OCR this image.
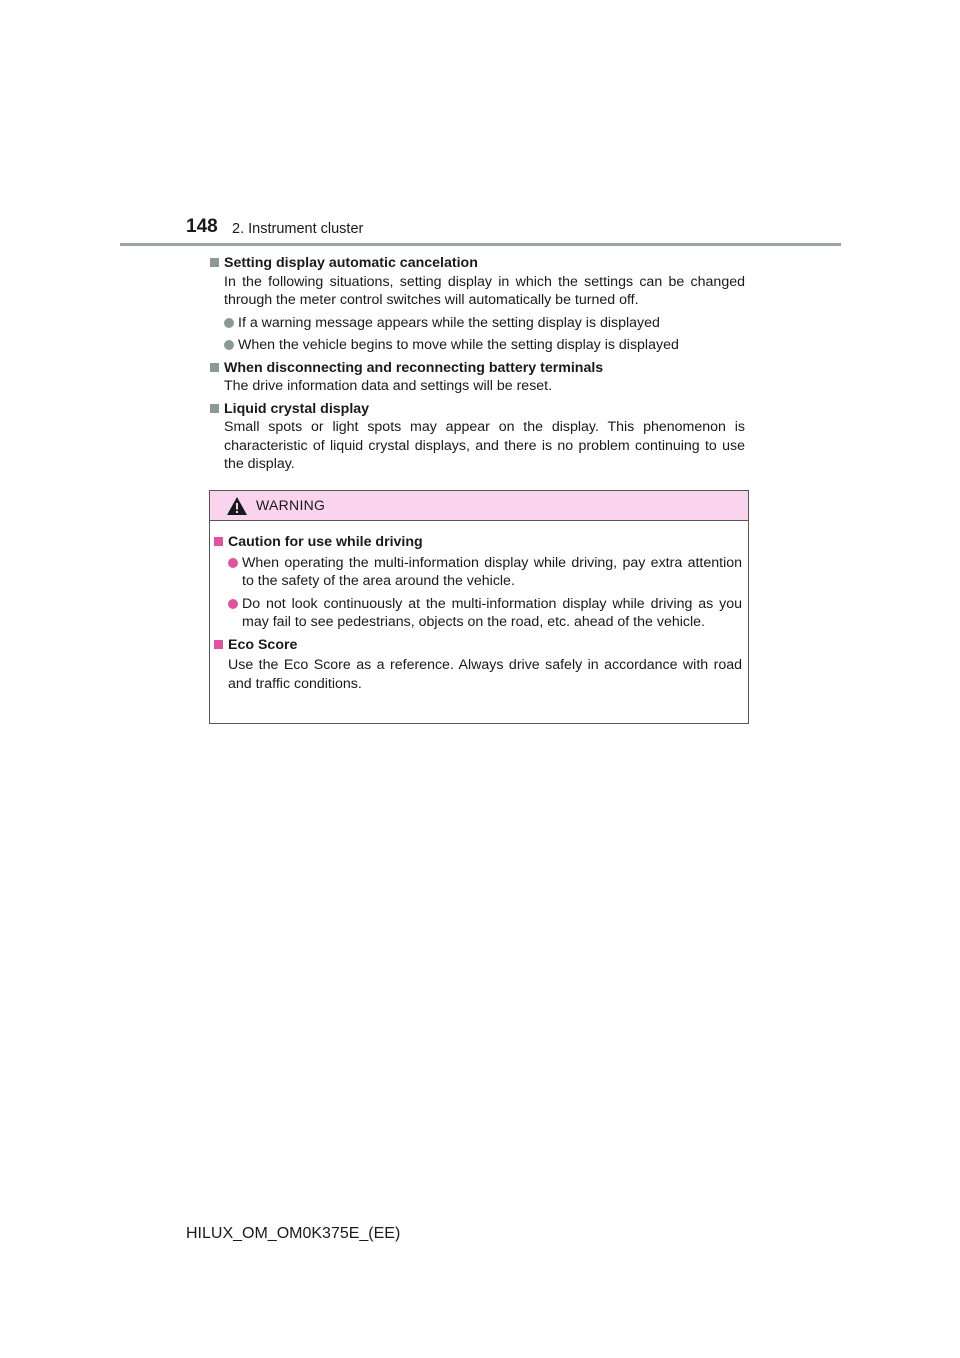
148 2. Instrument cluster
Setting display automatic cancelation
In the following situations, setting display in which the settings can be changed through the meter control switches will automatically be turned off.
If a warning message appears while the setting display is displayed
When the vehicle begins to move while the setting display is displayed
When disconnecting and reconnecting battery terminals
The drive information data and settings will be reset.
Liquid crystal display
Small spots or light spots may appear on the display. This phenomenon is characteristic of liquid crystal displays, and there is no problem continuing to use the display.
WARNING
Caution for use while driving
When operating the multi-information display while driving, pay extra attention to the safety of the area around the vehicle.
Do not look continuously at the multi-information display while driving as you may fail to see pedestrians, objects on the road, etc. ahead of the vehicle.
Eco Score
Use the Eco Score as a reference. Always drive safely in accordance with road and traffic conditions.
HILUX_OM_OM0K375E_(EE)
